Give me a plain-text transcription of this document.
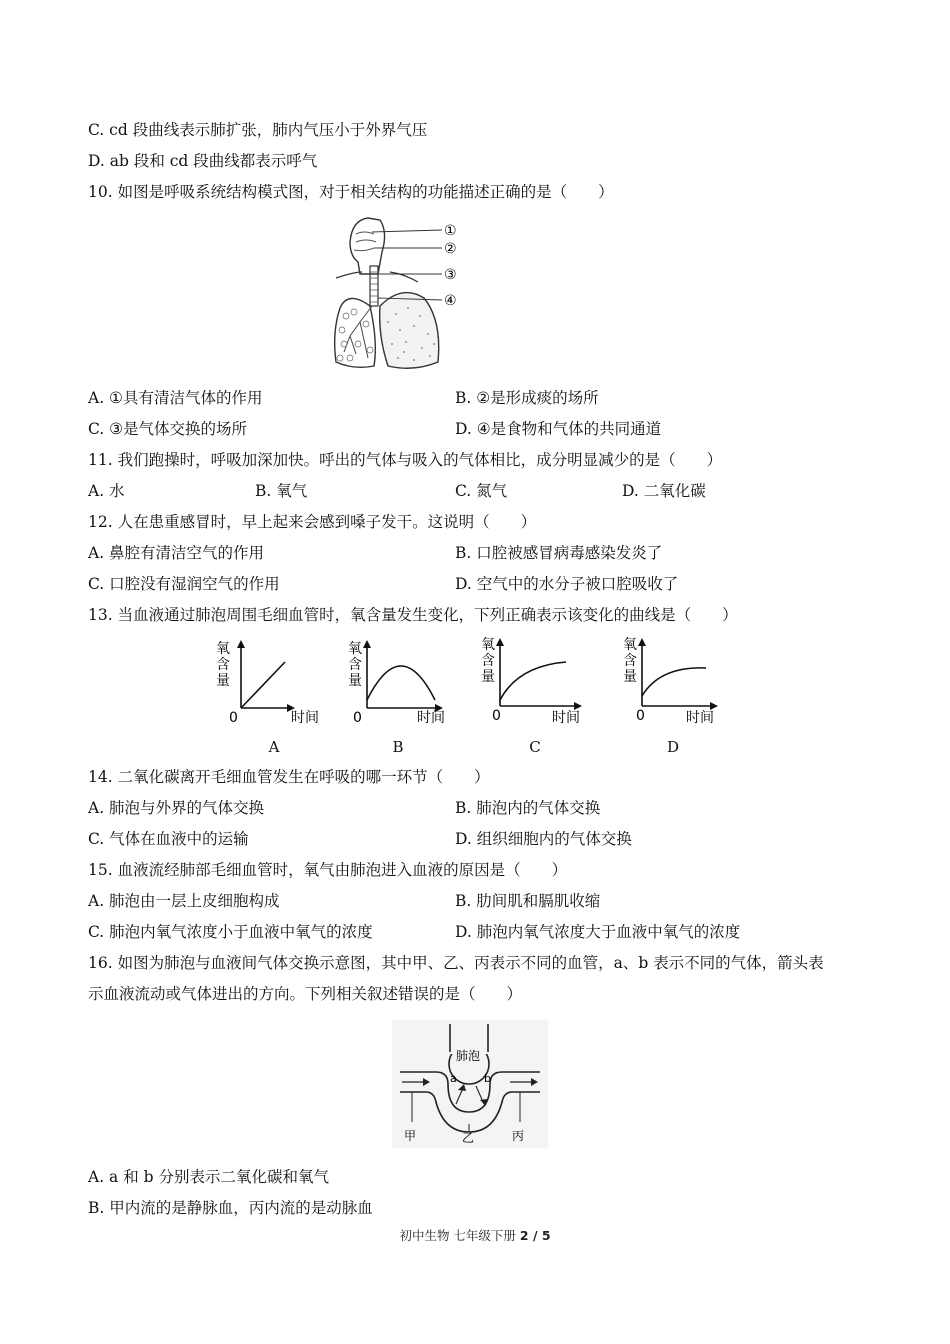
C. cd 段曲线表示肺扩张，肺内气压小于外界气压
D. ab 段和 cd 段曲线都表示呼气
10. 如图是呼吸系统结构模式图，对于相关结构的功能描述正确的是（　　）
①
②
③
④
A. ①具有清洁气体的作用	B. ②是形成痰的场所
C. ③是气体交换的场所	D. ④是食物和气体的共同通道
11. 我们跑操时，呼吸加深加快。呼出的气体与吸入的气体相比，成分明显减少的是（　　）
A. 水	B. 氧气	C. 氮气	D. 二氧化碳
12. 人在患重感冒时，早上起来会感到嗓子发干。这说明（　　）
A. 鼻腔有清洁空气的作用	B. 口腔被感冒病毒感染发炎了
C. 口腔没有湿润空气的作用	D. 空气中的水分子被口腔吸收了
13. 当血液通过肺泡周围毛细血管时，氧含量发生变化，下列正确表示该变化的曲线是（　　）
氧
含
量
0	时间
氧
含
量
0	时间
氧
含
量
0	时间
氧
含
量
0	时间
A	B	C	D
14. 二氧化碳离开毛细血管发生在呼吸的哪一环节（　　）
A. 肺泡与外界的气体交换	B. 肺泡内的气体交换
C. 气体在血液中的运输	D. 组织细胞内的气体交换
15. 血液流经肺部毛细血管时，氧气由肺泡进入血液的原因是（　　）
A. 肺泡由一层上皮细胞构成	B. 肋间肌和膈肌收缩
C. 肺泡内氧气浓度小于血液中氧气的浓度	D. 肺泡内氧气浓度大于血液中氧气的浓度
16. 如图为肺泡与血液间气体交换示意图，其中甲、乙、丙表示不同的血管，a、b 表示不同的气体，箭头表
示血液流动或气体进出的方向。下列相关叙述错误的是（　　）
肺泡
a b
甲	乙	丙
A. a 和 b 分别表示二氧化碳和氧气
B. 甲内流的是静脉血，丙内流的是动脉血
初中生物 七年级下册 2 / 5
